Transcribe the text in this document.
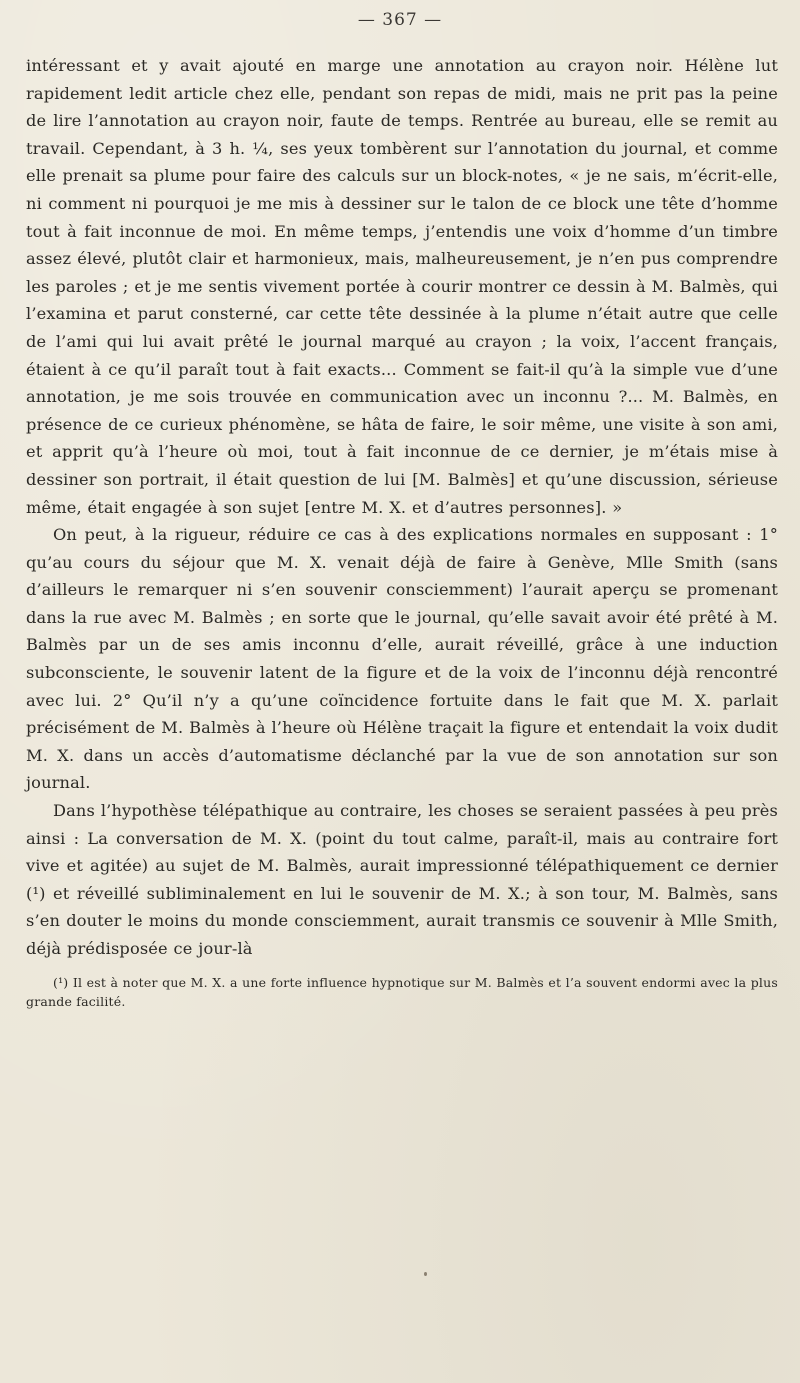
— 367 —

intéressant et y avait ajouté en marge une annotation au crayon noir. Hélène lut rapidement ledit article chez elle, pendant son repas de midi, mais ne prit pas la peine de lire l’annotation au crayon noir, faute de temps. Rentrée au bureau, elle se remit au travail. Cependant, à 3 h. ¼, ses yeux tombèrent sur l’annotation du journal, et comme elle prenait sa plume pour faire des calculs sur un block-notes, « je ne sais, m’écrit-elle, ni comment ni pourquoi je me mis à dessiner sur le talon de ce block une tête d’homme tout à fait inconnue de moi. En même temps, j’entendis une voix d’homme d’un timbre assez élevé, plutôt clair et harmonieux, mais, malheureusement, je n’en pus comprendre les paroles ; et je me sentis vivement portée à courir montrer ce dessin à M. Balmès, qui l’examina et parut consterné, car cette tête dessinée à la plume n’était autre que celle de l’ami qui lui avait prêté le journal marqué au crayon ; la voix, l’accent français, étaient à ce qu’il paraît tout à fait exacts... Comment se fait-il qu’à la simple vue d’une annotation, je me sois trouvée en communication avec un inconnu ?... M. Balmès, en présence de ce curieux phénomène, se hâta de faire, le soir même, une visite à son ami, et apprit qu’à l’heure où moi, tout à fait inconnue de ce dernier, je m’étais mise à dessiner son portrait, il était question de lui [M. Balmès] et qu’une discussion, sérieuse même, était engagée à son sujet [entre M. X. et d’autres personnes]. »

On peut, à la rigueur, réduire ce cas à des explications normales en supposant : 1° qu’au cours du séjour que M. X. venait déjà de faire à Genève, Mlle Smith (sans d’ailleurs le remarquer ni s’en souvenir consciemment) l’aurait aperçu se promenant dans la rue avec M. Balmès ; en sorte que le journal, qu’elle savait avoir été prêté à M. Balmès par un de ses amis inconnu d’elle, aurait réveillé, grâce à une induction subconsciente, le souvenir latent de la figure et de la voix de l’inconnu déjà rencontré avec lui. 2° Qu’il n’y a qu’une coïncidence fortuite dans le fait que M. X. parlait précisément de M. Balmès à l’heure où Hélène traçait la figure et entendait la voix dudit M. X. dans un accès d’automatisme déclanché par la vue de son annotation sur son journal.

Dans l’hypothèse télépathique au contraire, les choses se seraient passées à peu près ainsi : La conversation de M. X. (point du tout calme, paraît-il, mais au contraire fort vive et agitée) au sujet de M. Balmès, aurait impressionné télépathiquement ce dernier (¹) et réveillé subliminalement en lui le souvenir de M. X.; à son tour, M. Balmès, sans s’en douter le moins du monde consciemment, aurait transmis ce souvenir à Mlle Smith, déjà prédisposée ce jour-là

(¹) Il est à noter que M. X. a une forte influence hypnotique sur M. Balmès et l’a souvent endormi avec la plus grande facilité.
